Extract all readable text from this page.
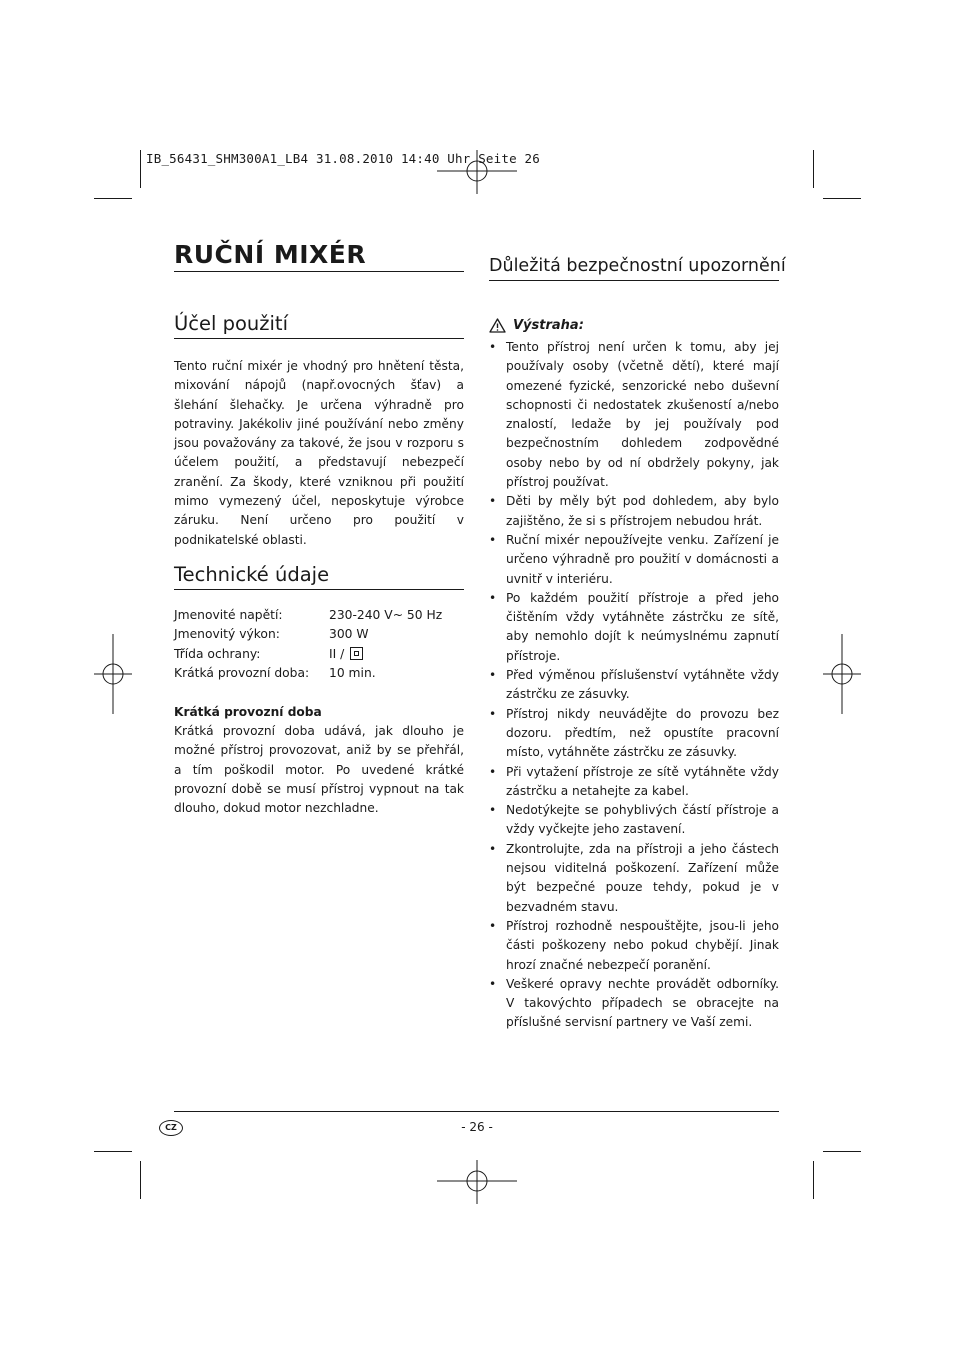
IB_56431_SHM300A1_LB4 31.08.2010 14:40 Uhr Seite 26
RUČNÍ MIXÉR
Účel použití

Tento ruční mixér je vhodný pro hnětení těsta, mixování nápojů (např.ovocných šťav) a šlehání šlehačky. Je určena výhradně pro potraviny. Jakékoliv jiné používání nebo změny jsou považovány za takové, že jsou v rozporu s účelem použití, a představují nebezpečí zranění. Za škody, které vzniknou při použití mimo vymezený účel, neposkytuje výrobce záruku. Není určeno pro použití v podnikatelské oblasti.

Technické údaje
Jmenovité napětí:	230-240 V~ 50 Hz
Jmenovitý výkon:	300 W
Třída ochrany:	II /
Krátká provozní doba:	10 min.
Krátká provozní doba

Krátká provozní doba udává, jak dlouho je možné přístroj provozovat, aniž by se přehřál, a tím poškodil motor. Po uvedené krátké provozní době se musí přístroj vypnout na tak dlouho, dokud motor nezchladne.

Důležitá bezpečnostní upozornění
Výstraha:
• Tento přístroj není určen k tomu, aby jej používaly osoby (včetně dětí), které mají omezené fyzické, senzorické nebo duševní schopnosti či nedostatek zkušeností a/nebo znalostí, ledaže by jej používaly pod bezpečnostním dohledem zodpovědné osoby nebo by od ní obdržely pokyny, jak přístroj používat.
• Děti by měly být pod dohledem, aby bylo zajištěno, že si s přístrojem nebudou hrát.
• Ruční mixér nepoužívejte venku. Zařízení je určeno výhradně pro použití v domácnosti a uvnitř v interiéru.
• Po každém použití přístroje a před jeho čištěním vždy vytáhněte zástrčku ze sítě, aby nemohlo dojít k neúmyslnému zapnutí přístroje.
• Před výměnou příslušenství vytáhněte vždy zástrčku ze zásuvky.
• Přístroj nikdy neuvádějte do provozu bez dozoru. předtím, než opustíte pracovní místo, vytáhněte zástrčku ze zásuvky.
• Při vytažení přístroje ze sítě vytáhněte vždy zástrčku a netahejte za kabel.
• Nedotýkejte se pohyblivých částí přístroje a vždy vyčkejte jeho zastavení.
• Zkontrolujte, zda na přístroji a jeho částech nejsou viditelná poškození. Zařízení může být bezpečné pouze tehdy, pokud je v bezvadném stavu.
• Přístroj rozhodně nespouštějte, jsou-li jeho části poškozeny nebo pokud chybějí. Jinak hrozí značné nebezpečí poranění.
• Veškeré opravy nechte provádět odborníky. V takovýchto případech se obracejte na příslušné servisní partnery ve Vaší zemi.
CZ	- 26 -
